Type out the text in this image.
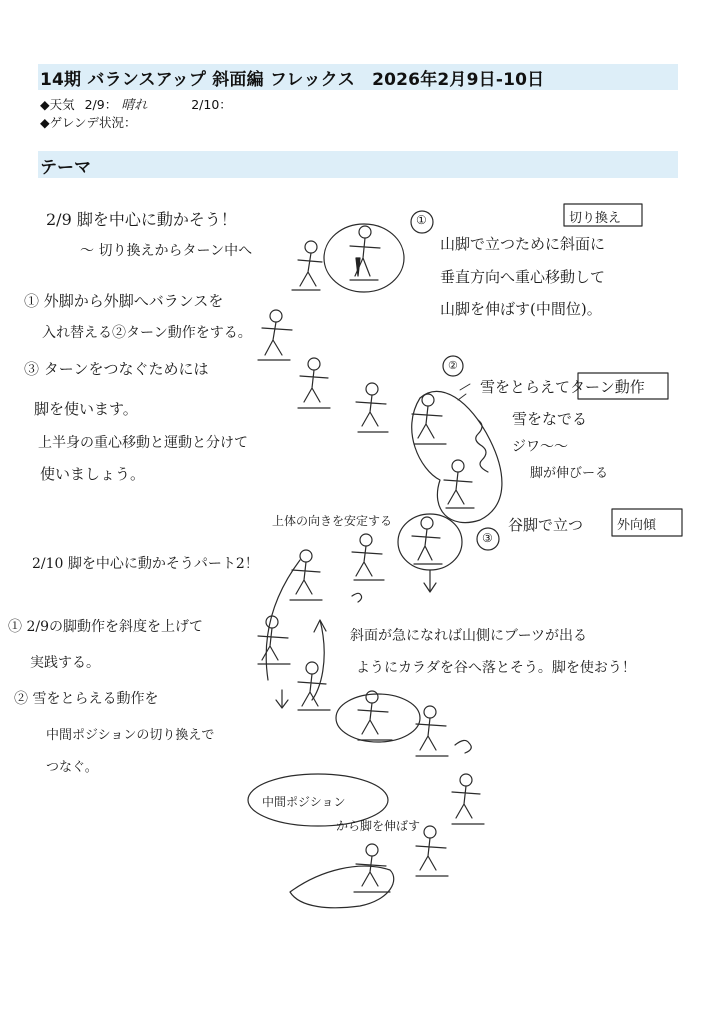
14期 バランスアップ 斜面編 フレックス　2026年2月9日-10日
◆天気 2/9： 晴れ	2/10：
◆ゲレンデ状況：
テーマ
2/9 脚を中心に動かそう！
～ 切り換えからターン中へ
① 外脚から外脚へバランスを
入れ替える②ターン動作をする。
③ ターンをつなぐためには
脚を使います。
上半身の重心移動と運動と分けて
使いましょう。
①	切り換え
山脚で立つために斜面に
垂直方向へ重心移動して
山脚を伸ばす(中間位)。
②
雪をとらえてターン動作
雪をなでる
ジワ〜〜
脚が伸びーる
上体の向きを安定する
③
谷脚で立つ	外向傾
2/10 脚を中心に動かそうパート2！
① 2/9の脚動作を斜度を上げて
実践する。
② 雪をとらえる動作を
中間ポジションの切り換えで
つなぐ。
斜面が急になれば山側にブーツが出る
ようにカラダを谷へ落とそう。脚を使おう！
中間ポジション
から脚を伸ばす
